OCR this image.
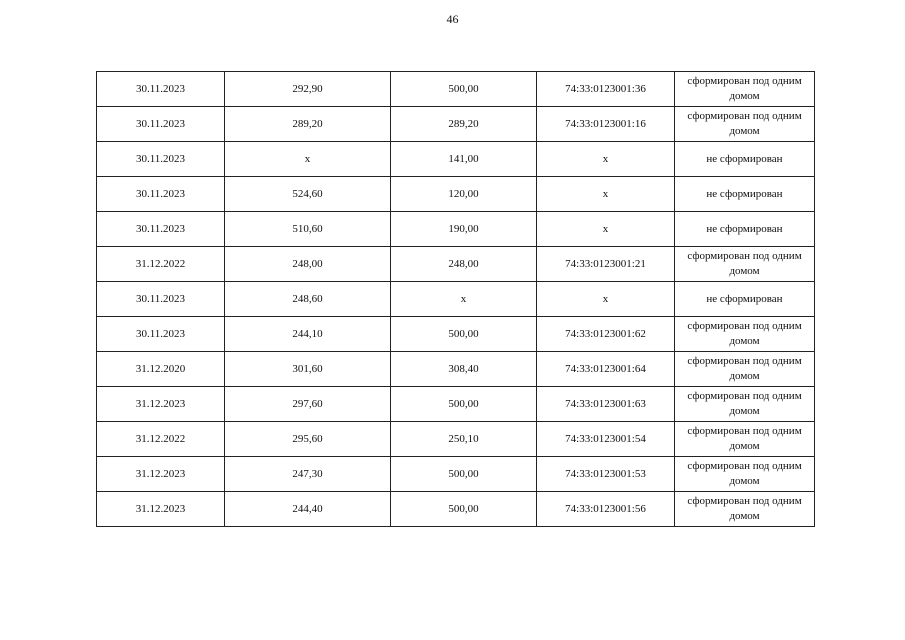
46
30.11.2023	292,90	500,00	74:33:0123001:36	сформирован под одним домом
30.11.2023	289,20	289,20	74:33:0123001:16	сформирован под одним домом
30.11.2023	х	141,00	х	не сформирован
30.11.2023	524,60	120,00	х	не сформирован
30.11.2023	510,60	190,00	х	не сформирован
31.12.2022	248,00	248,00	74:33:0123001:21	сформирован под одним домом
30.11.2023	248,60	х	х	не сформирован
30.11.2023	244,10	500,00	74:33:0123001:62	сформирован под одним домом
31.12.2020	301,60	308,40	74:33:0123001:64	сформирован под одним домом
31.12.2023	297,60	500,00	74:33:0123001:63	сформирован под одним домом
31.12.2022	295,60	250,10	74:33:0123001:54	сформирован под одним домом
31.12.2023	247,30	500,00	74:33:0123001:53	сформирован под одним домом
31.12.2023	244,40	500,00	74:33:0123001:56	сформирован под одним домом
